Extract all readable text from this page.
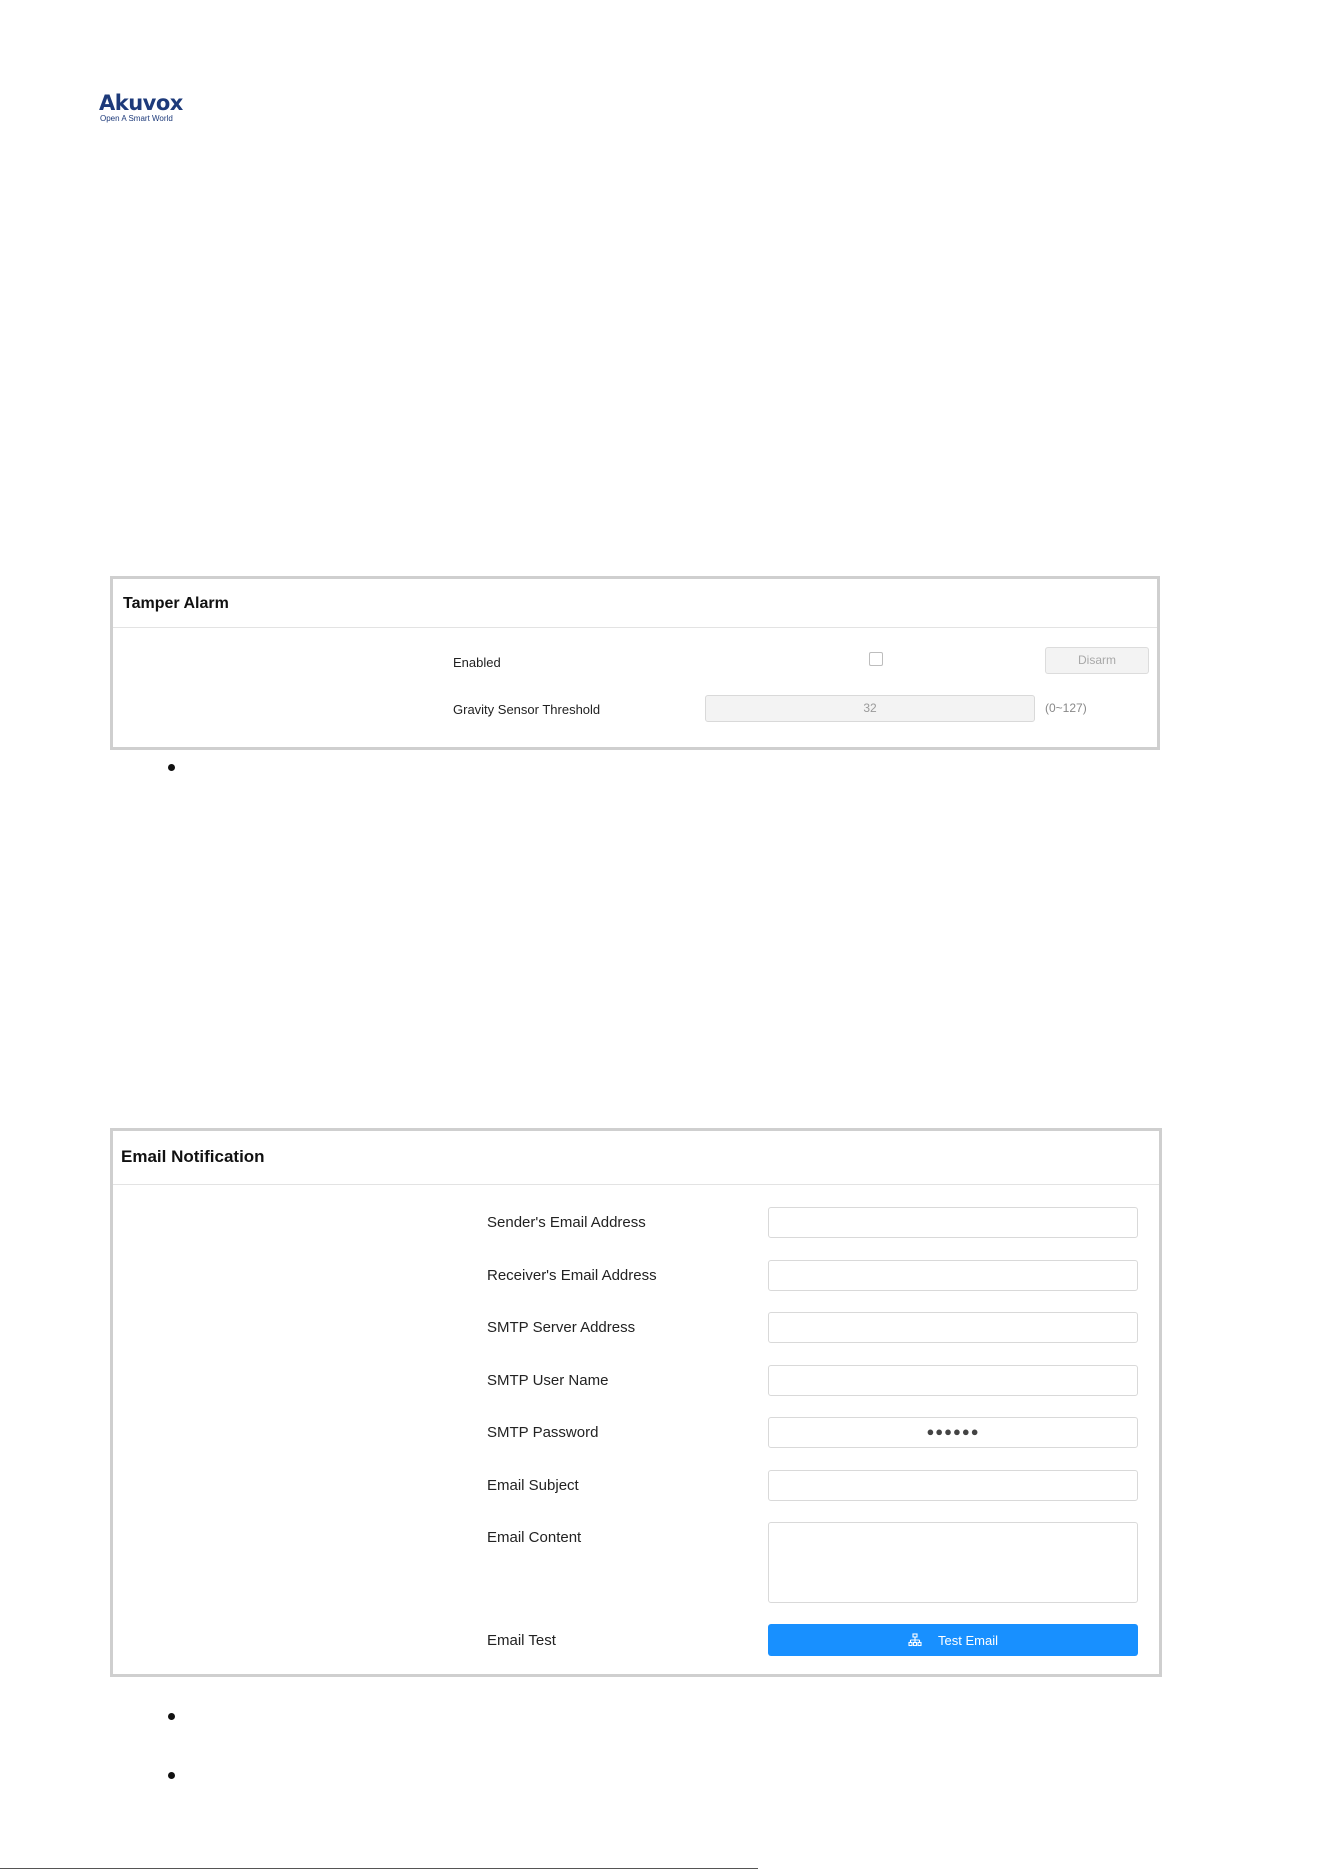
Akuvox
Open A Smart World
Tamper Alarm
Enabled	Disarm
Gravity Sensor Threshold	32	(0~127)
Email Notification
Sender's Email Address
Receiver's Email Address
SMTP Server Address
SMTP User Name
SMTP Password	●●●●●●
Email Subject
Email Content
Email Test	Test Email
